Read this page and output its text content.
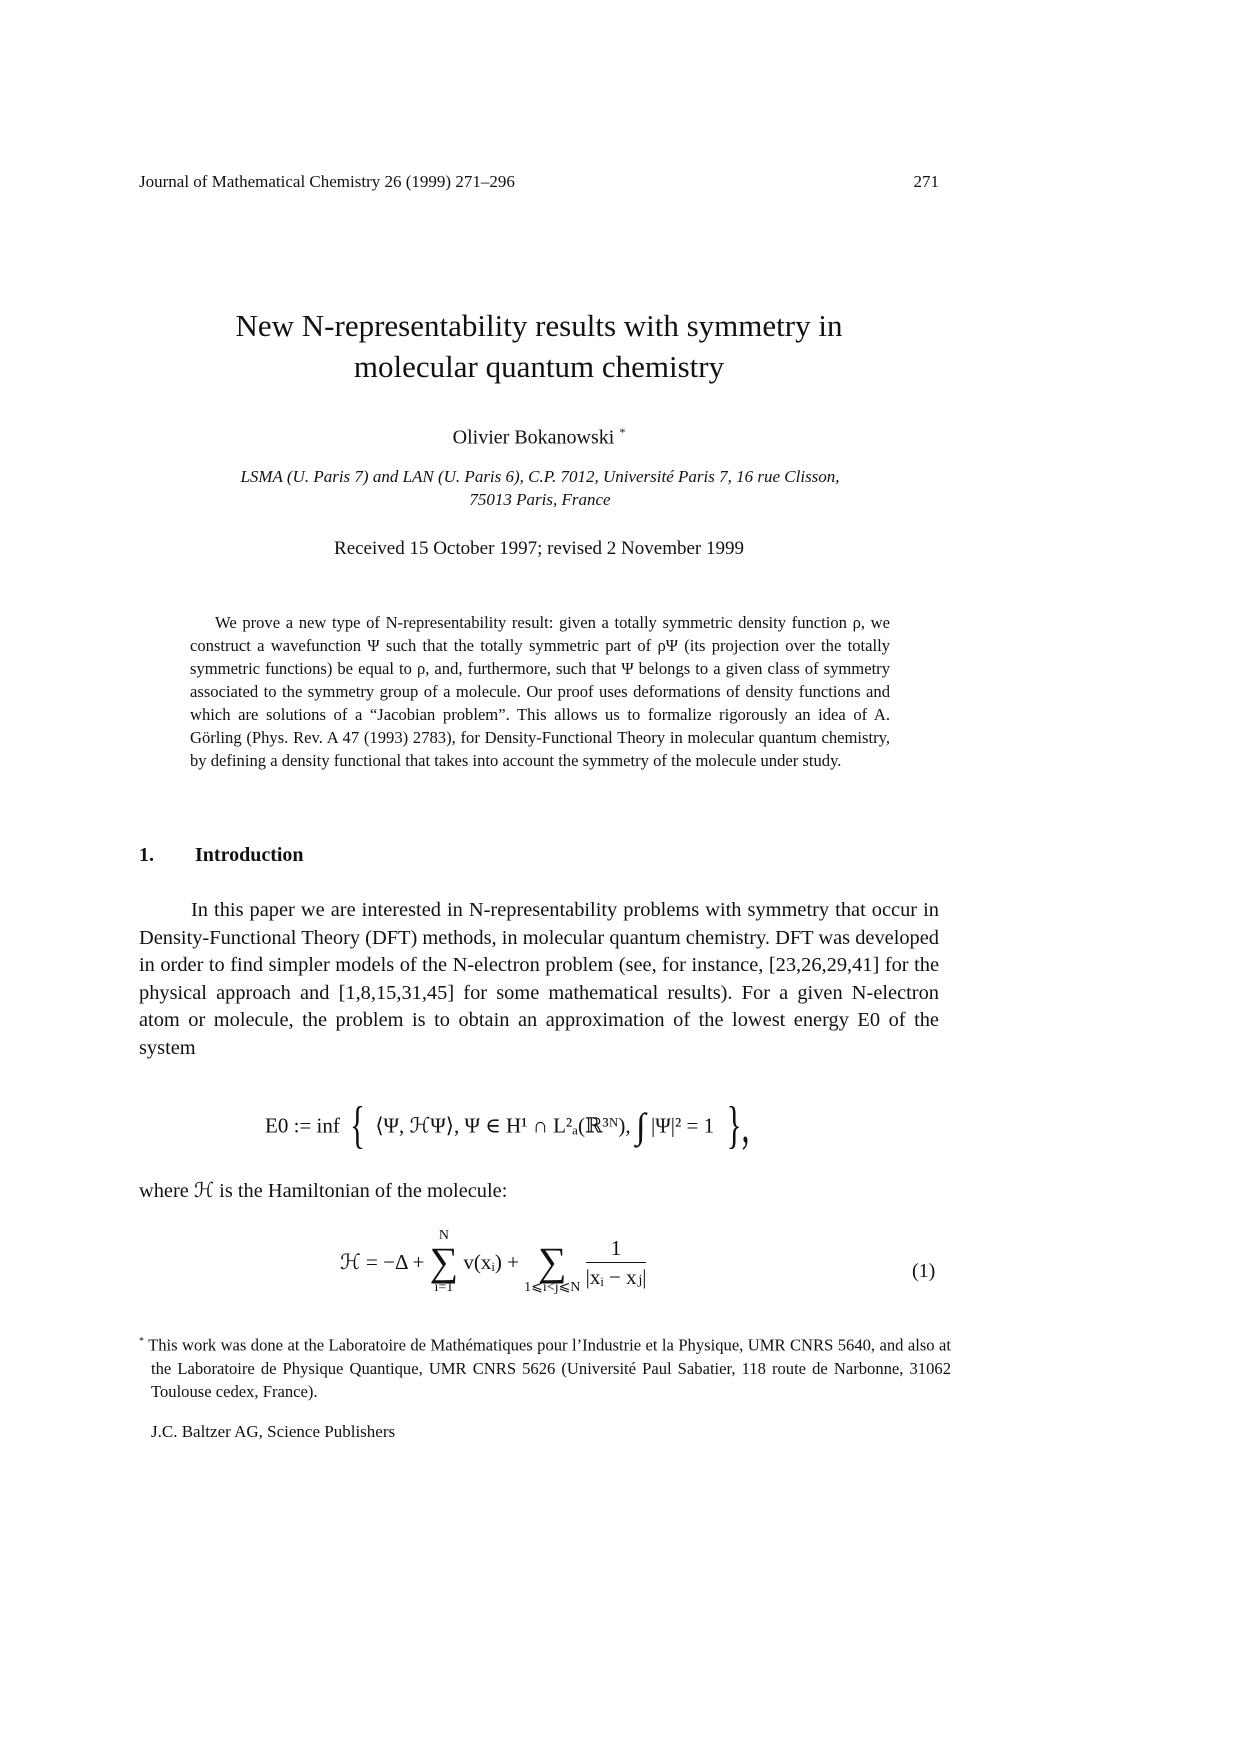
Journal of Mathematical Chemistry 26 (1999) 271–296	271
New N-representability results with symmetry in
molecular quantum chemistry
Olivier Bokanowski *
LSMA (U. Paris 7) and LAN (U. Paris 6), C.P. 7012, Université Paris 7, 16 rue Clisson,
75013 Paris, France
Received 15 October 1997; revised 2 November 1999

We prove a new type of N-representability result: given a totally symmetric density function ρ, we construct a wavefunction Ψ such that the totally symmetric part of ρΨ (its projection over the totally symmetric functions) be equal to ρ, and, furthermore, such that Ψ belongs to a given class of symmetry associated to the symmetry group of a molecule. Our proof uses deformations of density functions and which are solutions of a “Jacobian problem”. This allows us to formalize rigorously an idea of A. Görling (Phys. Rev. A 47 (1993) 2783), for Density-Functional Theory in molecular quantum chemistry, by defining a density functional that takes into account the symmetry of the molecule under study.

1. Introduction

In this paper we are interested in N-representability problems with symmetry that occur in Density-Functional Theory (DFT) methods, in molecular quantum chemistry. DFT was developed in order to find simpler models of the N-electron problem (see, for instance, [23,26,29,41] for the physical approach and [1,8,15,31,45] for some mathematical results). For a given N-electron atom or molecule, the problem is to obtain an approximation of the lowest energy E0 of the system

E0 := inf { ⟨Ψ, ℋΨ⟩, Ψ ∈ H¹ ∩ L²ₐ(ℝ³ᴺ), ∫ |Ψ|² = 1 },
where ℋ is the Hamiltonian of the molecule:
ℋ = −Δ +
N
∑
i=1
v(xᵢ) +
∑
1⩽i<j⩽N
$\frac{1}{\text{|xᵢ − xⱼ|}}$	(1)
* This work was done at the Laboratoire de Mathématiques pour l’Industrie et la Physique, UMR CNRS 5640, and also at the Laboratoire de Physique Quantique, UMR CNRS 5626 (Université Paul Sabatier, 118 route de Narbonne, 31062 Toulouse cedex, France).
J.C. Baltzer AG, Science Publishers
